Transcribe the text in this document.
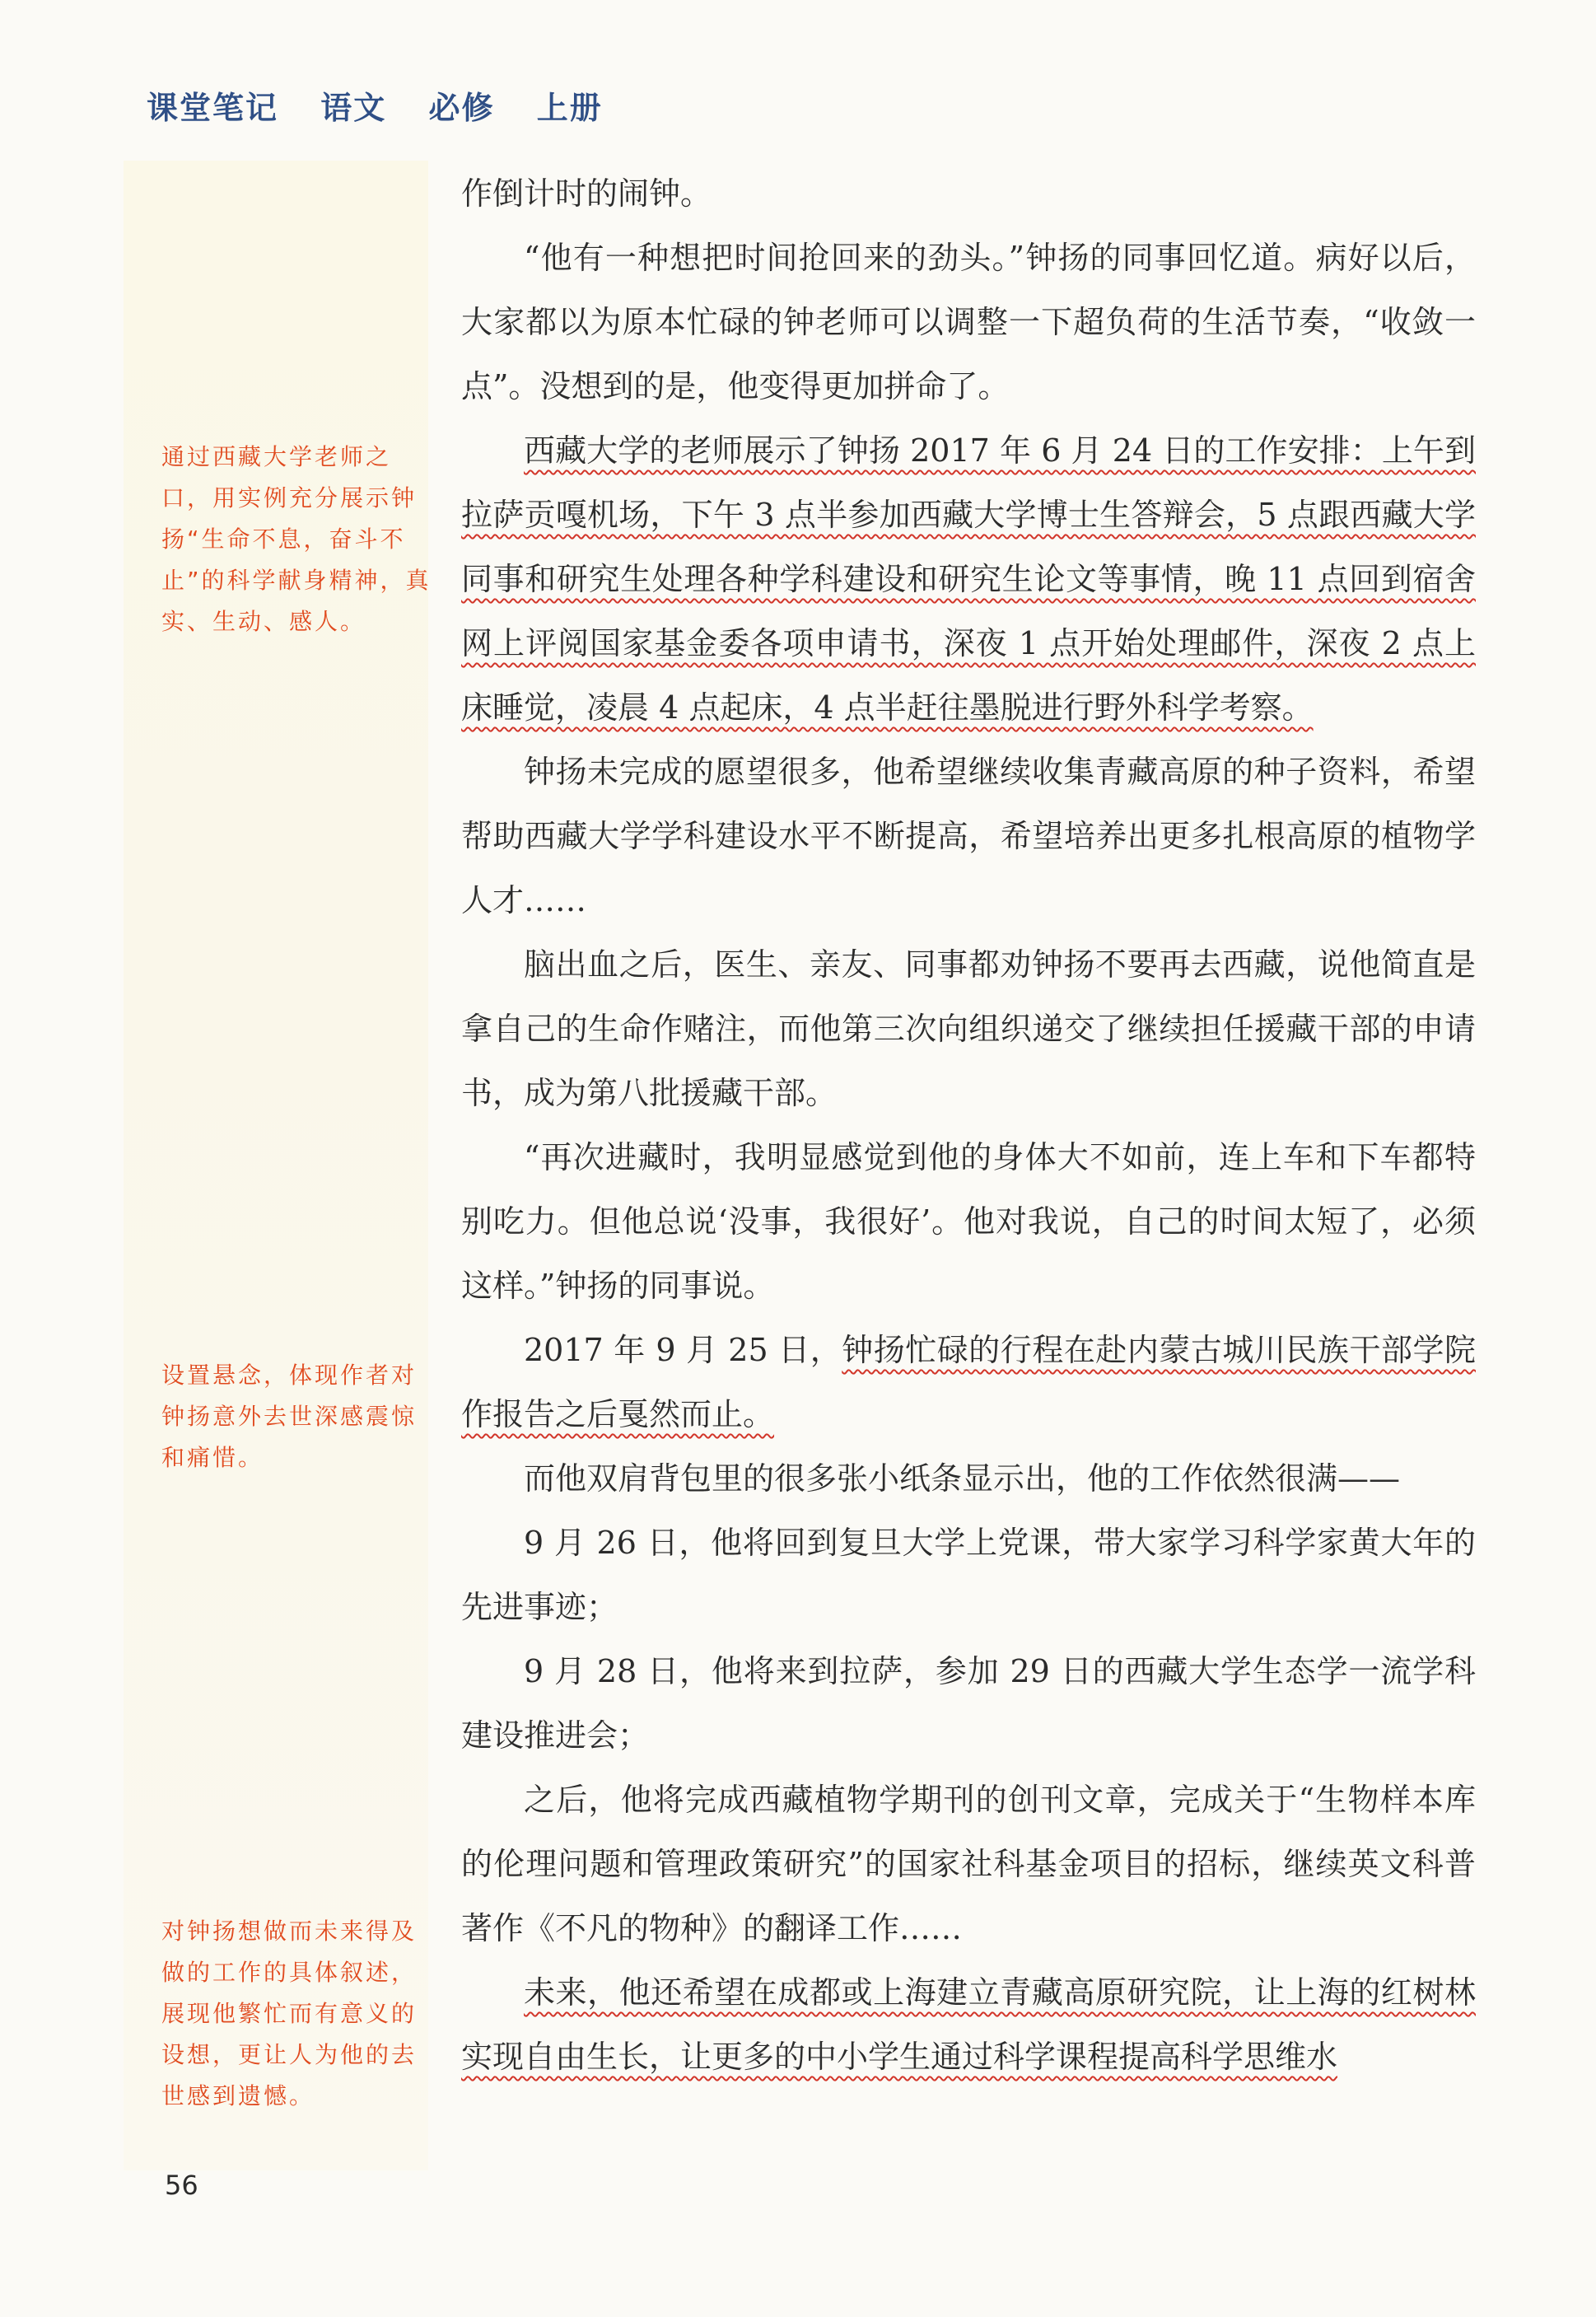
课堂笔记 语文 必修 上册
通过西藏大学老师之口，用实例充分展示钟扬“生命不息，奋斗不止”的科学献身精神，真实、生动、感人。
设置悬念，体现作者对钟扬意外去世深感震惊和痛惜。
对钟扬想做而未来得及做的工作的具体叙述，展现他繁忙而有意义的设想，更让人为他的去世感到遗憾。

作倒计时的闹钟。

“他有一种想把时间抢回来的劲头。”钟扬的同事回忆道。病好以后，大家都以为原本忙碌的钟老师可以调整一下超负荷的生活节奏，“收敛一点”。没想到的是，他变得更加拼命了。

西藏大学的老师展示了钟扬 2017 年 6 月 24 日的工作安排：上午到拉萨贡嘎机场，下午 3 点半参加西藏大学博士生答辩会，5 点跟西藏大学同事和研究生处理各种学科建设和研究生论文等事情，晚 11 点回到宿舍网上评阅国家基金委各项申请书，深夜 1 点开始处理邮件，深夜 2 点上床睡觉，凌晨 4 点起床，4 点半赶往墨脱进行野外科学考察。

钟扬未完成的愿望很多，他希望继续收集青藏高原的种子资料，希望帮助西藏大学学科建设水平不断提高，希望培养出更多扎根高原的植物学人才……

脑出血之后，医生、亲友、同事都劝钟扬不要再去西藏，说他简直是拿自己的生命作赌注，而他第三次向组织递交了继续担任援藏干部的申请书，成为第八批援藏干部。

“再次进藏时，我明显感觉到他的身体大不如前，连上车和下车都特别吃力。但他总说‘没事，我很好’。他对我说，自己的时间太短了，必须这样。”钟扬的同事说。

2017 年 9 月 25 日，钟扬忙碌的行程在赴内蒙古城川民族干部学院作报告之后戛然而止。

而他双肩背包里的很多张小纸条显示出，他的工作依然很满——

9 月 26 日，他将回到复旦大学上党课，带大家学习科学家黄大年的先进事迹；

9 月 28 日，他将来到拉萨，参加 29 日的西藏大学生态学一流学科建设推进会；

之后，他将完成西藏植物学期刊的创刊文章，完成关于“生物样本库的伦理问题和管理政策研究”的国家社科基金项目的招标，继续英文科普著作《不凡的物种》的翻译工作……

未来，他还希望在成都或上海建立青藏高原研究院，让上海的红树林实现自由生长，让更多的中小学生通过科学课程提高科学思维水

56
